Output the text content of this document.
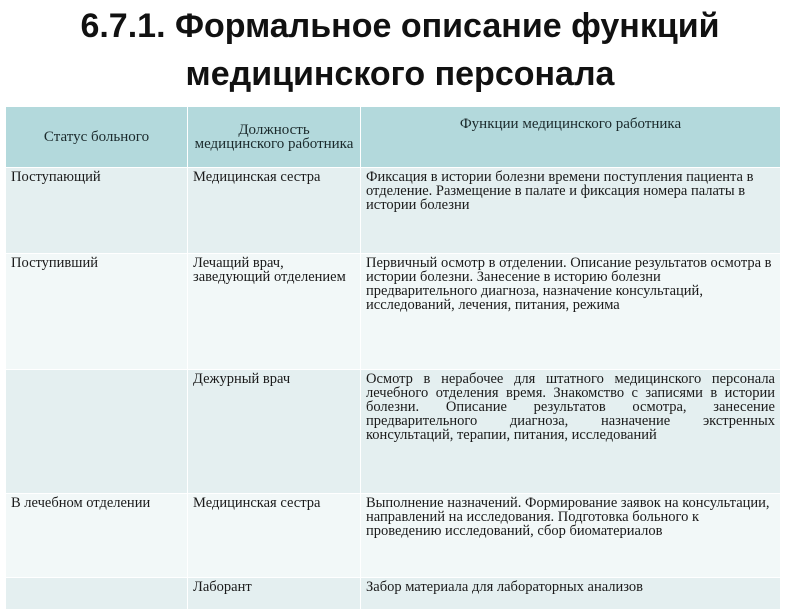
6.7.1. Формальное описание функций
медицинского персонала
Статус больного	Должность медицинского работника	Функции медицинского работника
Поступающий	Медицинская сестра	Фиксация в истории болезни времени поступления пациента в отделение. Размещение в палате и фиксация номера палаты в истории болезни
Поступивший	Лечащий врач, заведующий отделением	Первичный осмотр в отделении. Описание результатов осмотра в истории болезни. Занесение в историю болезни предварительного диагноза, назначение консультаций, исследований, лечения, питания, режима
	Дежурный врач	Осмотр в нерабочее для штатного медицинского персонала лечебного отделения время. Знакомство с записями в истории болезни. Описание результатов осмотра, занесение предварительного диагноза, назначение экстренных консультаций, терапии, питания, исследований
В лечебном отделении	Медицинская сестра	Выполнение назначений. Формирование заявок на консультации, направлений на исследования. Подготовка больного к проведению исследований, сбор биоматериалов
	Лаборант	Забор материала для лабораторных анализов
